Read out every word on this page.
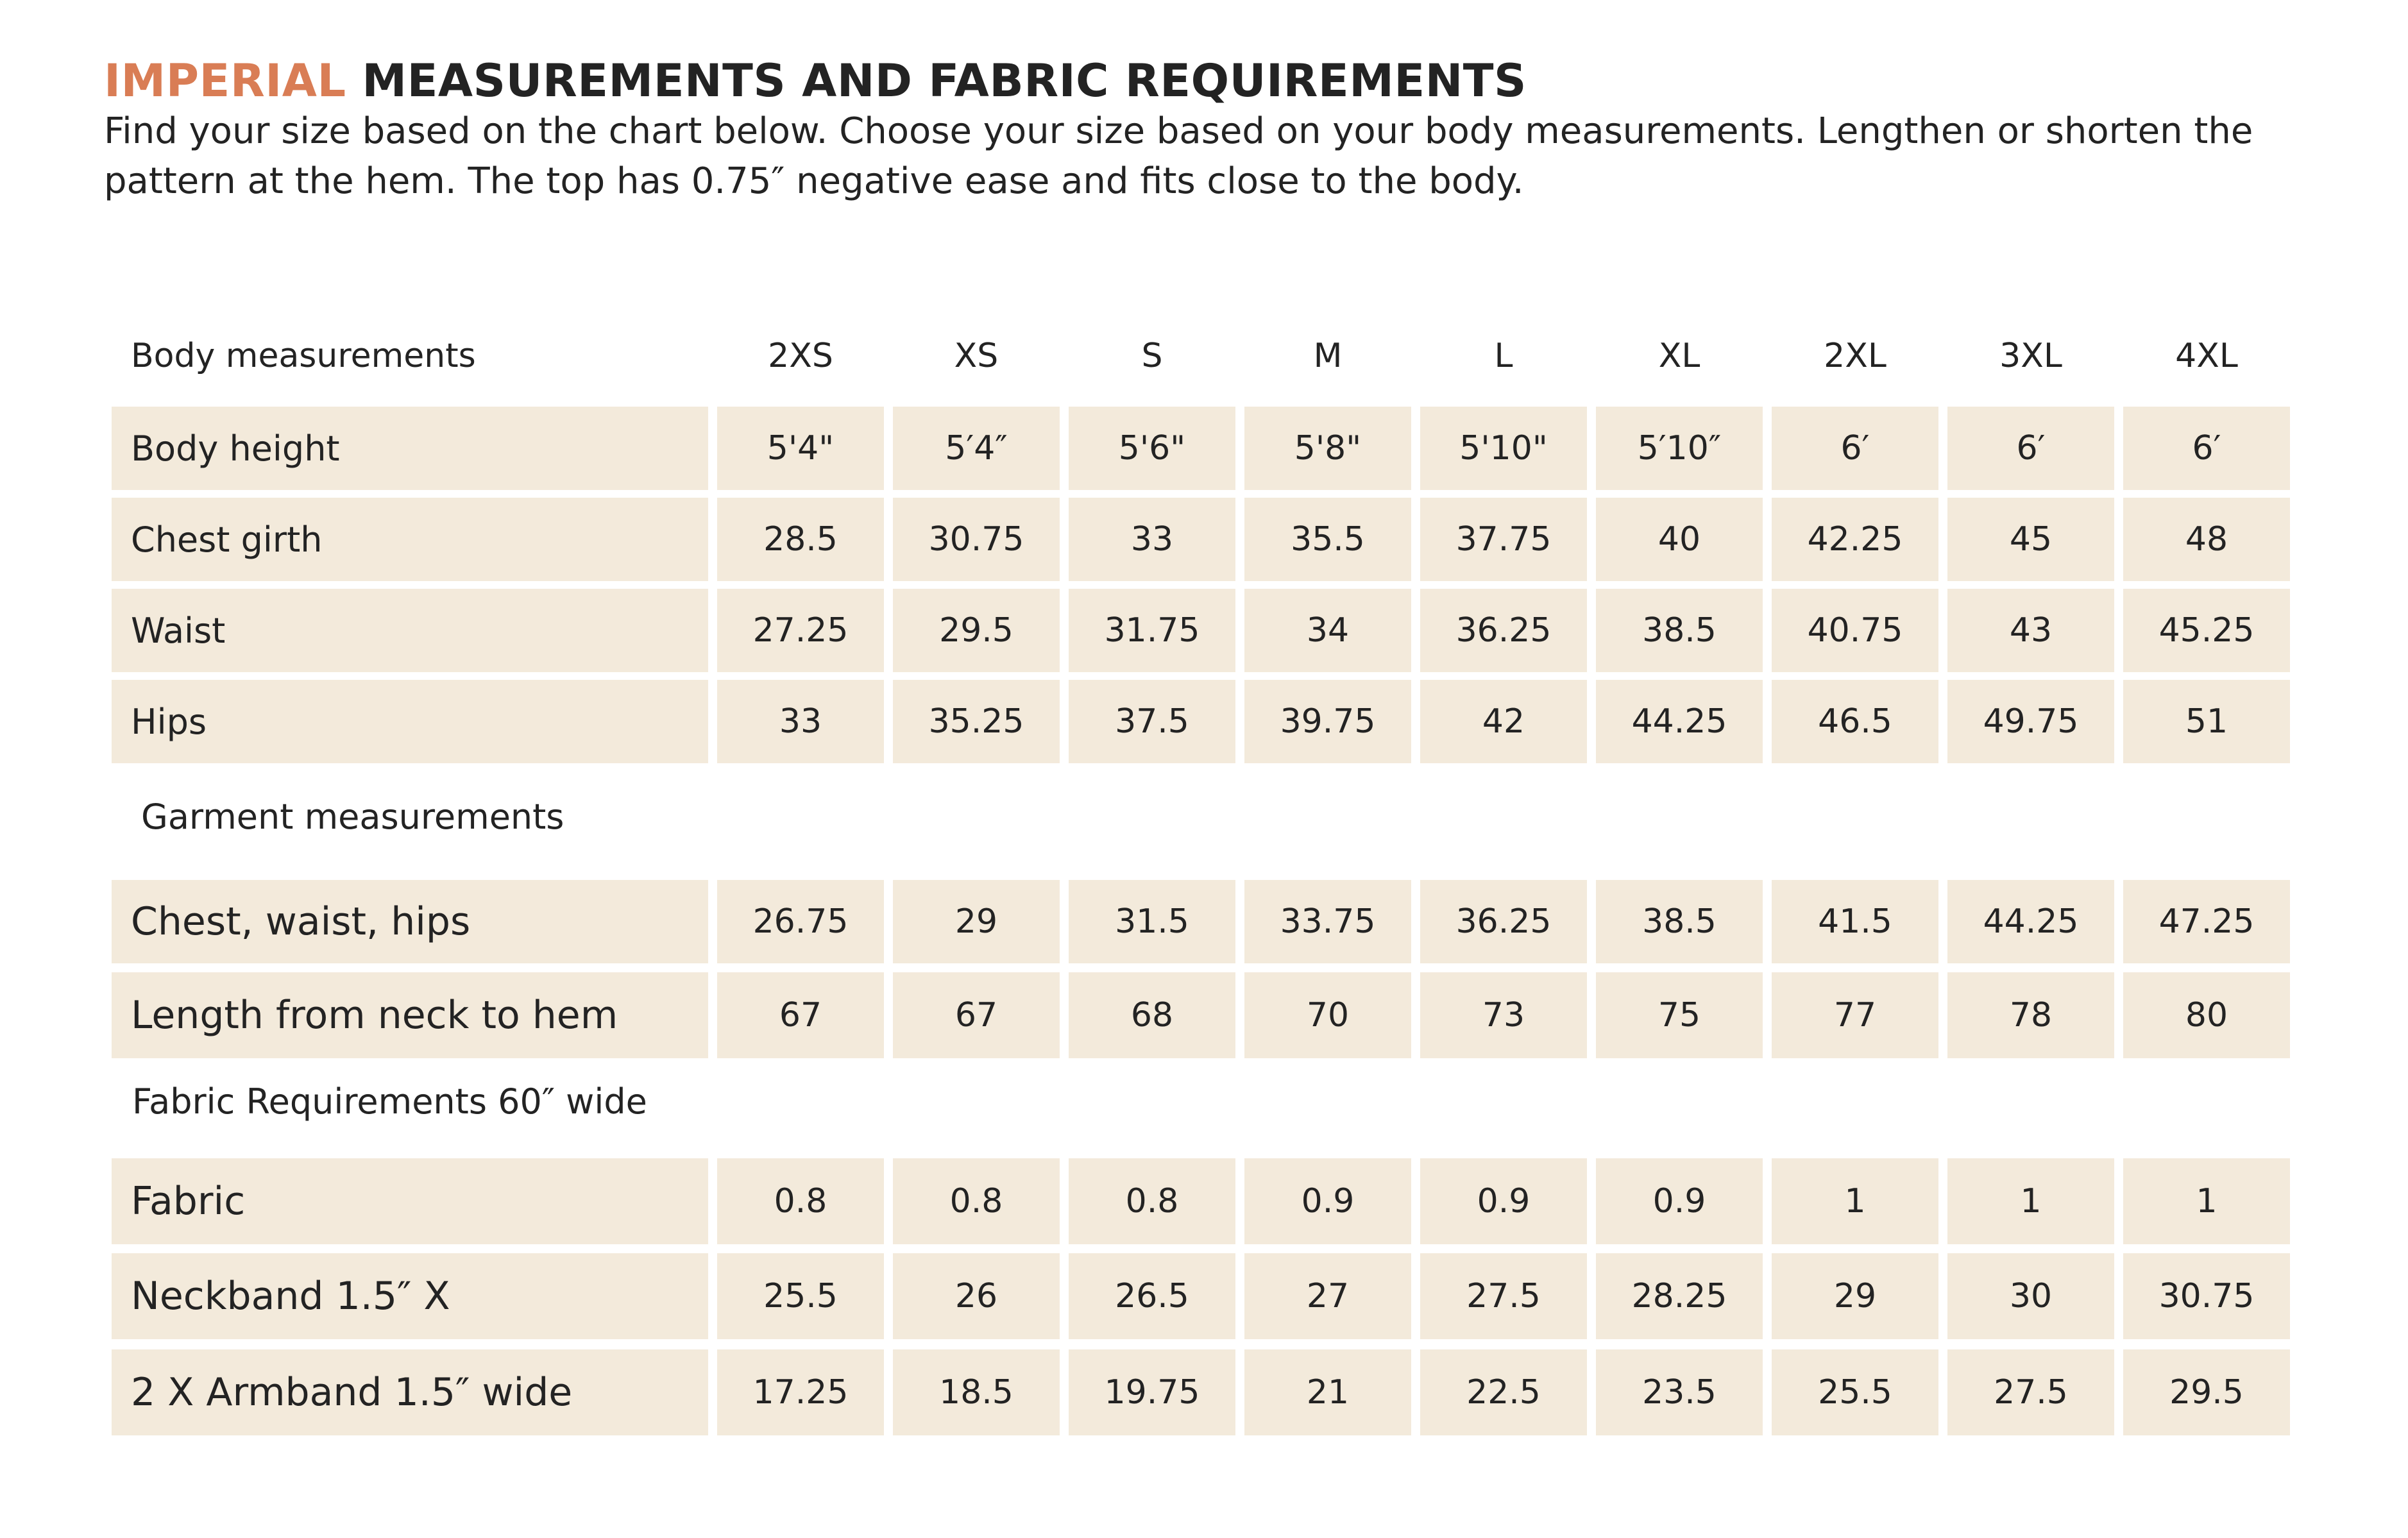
IMPERIAL MEASUREMENTS AND FABRIC REQUIREMENTS
Find your size based on the chart below. Choose your size based on your body measurements. Lengthen or shorten the pattern at the hem. The top has 0.75″ negative ease and fits close to the body.
Body measurements	2XS	XS	S	M	L	XL	2XL	3XL	4XL
Body height	5'4"	5′4″	5'6"	5'8"	5'10"	5′10″	6′	6′	6′
Chest girth	28.5	30.75	33	35.5	37.75	40	42.25	45	48
Waist	27.25	29.5	31.75	34	36.25	38.5	40.75	43	45.25
Hips	33	35.25	37.5	39.75	42	44.25	46.5	49.75	51
Garment measurements
Chest, waist, hips	26.75	29	31.5	33.75	36.25	38.5	41.5	44.25	47.25
Length from neck to hem	67	67	68	70	73	75	77	78	80
Fabric Requirements 60″ wide
Fabric	0.8	0.8	0.8	0.9	0.9	0.9	1	1	1
Neckband 1.5″ X	25.5	26	26.5	27	27.5	28.25	29	30	30.75
2 X Armband 1.5″ wide	17.25	18.5	19.75	21	22.5	23.5	25.5	27.5	29.5
